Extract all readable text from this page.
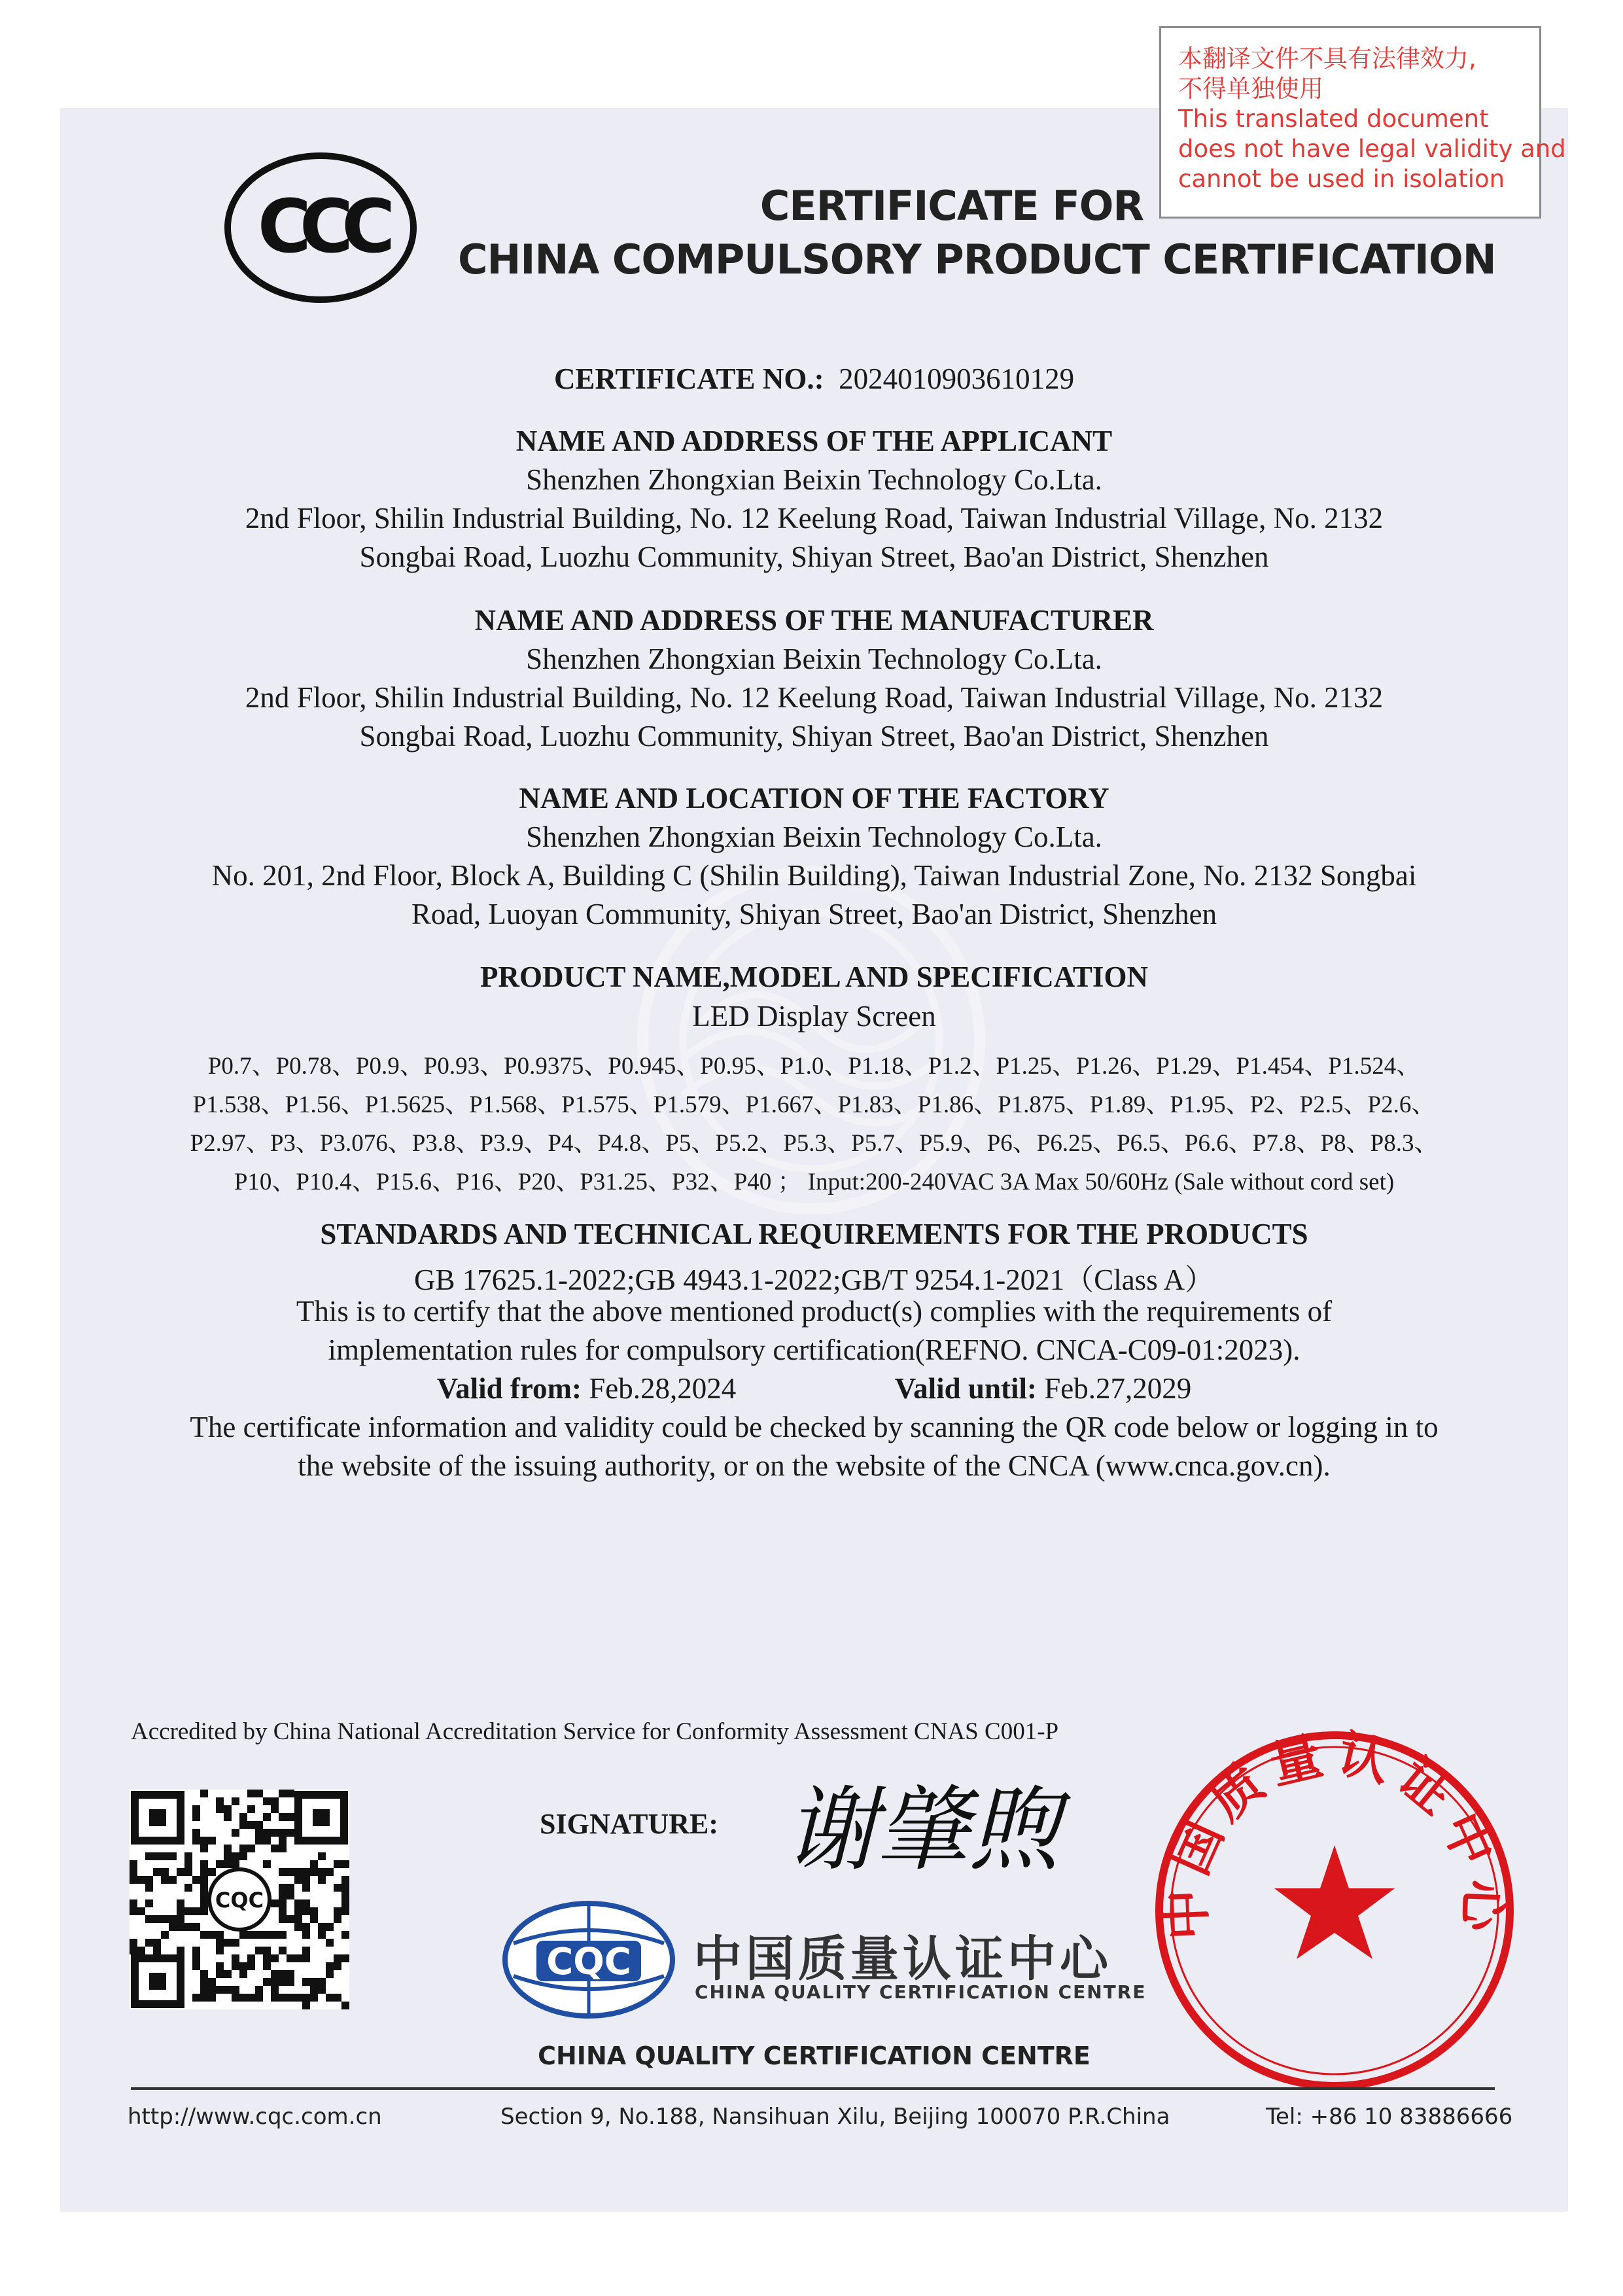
本翻译文件不具有法律效力,
不得单独使用
This translated document
does not have legal validity and
cannot be used in isolation
CCC	CERTIFICATE FOR
CHINA COMPULSORY PRODUCT CERTIFICATION
CERTIFICATE NO.: 2024010903610129
NAME AND ADDRESS OF THE APPLICANT
Shenzhen Zhongxian Beixin Technology Co.Lta.
2nd Floor, Shilin Industrial Building, No. 12 Keelung Road, Taiwan Industrial Village, No. 2132
Songbai Road, Luozhu Community, Shiyan Street, Bao'an District, Shenzhen
NAME AND ADDRESS OF THE MANUFACTURER
Shenzhen Zhongxian Beixin Technology Co.Lta.
2nd Floor, Shilin Industrial Building, No. 12 Keelung Road, Taiwan Industrial Village, No. 2132
Songbai Road, Luozhu Community, Shiyan Street, Bao'an District, Shenzhen
NAME AND LOCATION OF THE FACTORY
Shenzhen Zhongxian Beixin Technology Co.Lta.
No. 201, 2nd Floor, Block A, Building C (Shilin Building), Taiwan Industrial Zone, No. 2132 Songbai
Road, Luoyan Community, Shiyan Street, Bao'an District, Shenzhen
PRODUCT NAME,MODEL AND SPECIFICATION
LED Display Screen
P0.7、P0.78、P0.9、P0.93、P0.9375、P0.945、P0.95、P1.0、P1.18、P1.2、P1.25、P1.26、P1.29、P1.454、P1.524、
P1.538、P1.56、P1.5625、P1.568、P1.575、P1.579、P1.667、P1.83、P1.86、P1.875、P1.89、P1.95、P2、P2.5、P2.6、
P2.97、P3、P3.076、P3.8、P3.9、P4、P4.8、P5、P5.2、P5.3、P5.7、P5.9、P6、P6.25、P6.5、P6.6、P7.8、P8、P8.3、
P10、P10.4、P15.6、P16、P20、P31.25、P32、P40 ； Input:200-240VAC 3A Max 50/60Hz (Sale without cord set)
STANDARDS AND TECHNICAL REQUIREMENTS FOR THE PRODUCTS
GB 17625.1-2022;GB 4943.1-2022;GB/T 9254.1-2021（Class A）
This is to certify that the above mentioned product(s) complies with the requirements of
implementation rules for compulsory certification(REFNO. CNCA-C09-01:2023).
Valid from: Feb.28,2024	Valid until: Feb.27,2029
The certificate information and validity could be checked by scanning the QR code below or logging in to
the website of the issuing authority, or on the website of the CNCA (www.cnca.gov.cn).
Accredited by China National Accreditation Service for Conformity Assessment CNAS C001-P
CQC
SIGNATURE: 谢肇煦
CQC 中国质量认证中心
CHINA QUALITY CERTIFICATION CENTRE
中国质量认证中心
CHINA QUALITY CERTIFICATION CENTRE
http://www.cqc.com.cn	Section 9, No.188, Nansihuan Xilu, Beijing 100070 P.R.China	Tel: +86 10 83886666
